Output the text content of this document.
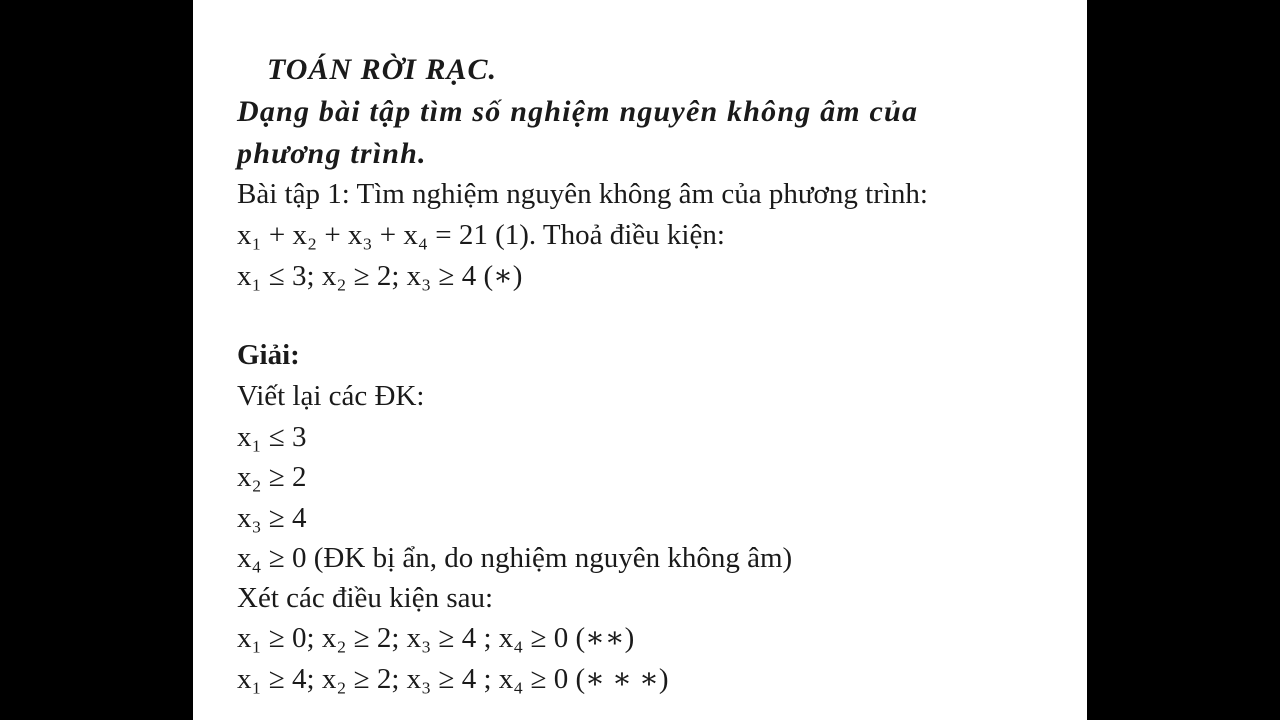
TOÁN RỜI RẠC.
Dạng bài tập tìm số nghiệm nguyên không âm của
phương trình.
Bài tập 1: Tìm nghiệm nguyên không âm của phương trình:
x₁ + x₂ + x₃ + x₄ = 21 (1). Thoả điều kiện:
x₁ ≤ 3; x₂ ≥ 2; x₃ ≥ 4 (∗)
Giải:
Viết lại các ĐK:
x₁ ≤ 3
x₂ ≥ 2
x₃ ≥ 4
x₄ ≥ 0 (ĐK bị ẩn, do nghiệm nguyên không âm)
Xét các điều kiện sau:
x₁ ≥ 0; x₂ ≥ 2; x₃ ≥ 4 ; x₄ ≥ 0 (∗∗)
x₁ ≥ 4; x₂ ≥ 2; x₃ ≥ 4 ; x₄ ≥ 0 (∗ ∗ ∗)
